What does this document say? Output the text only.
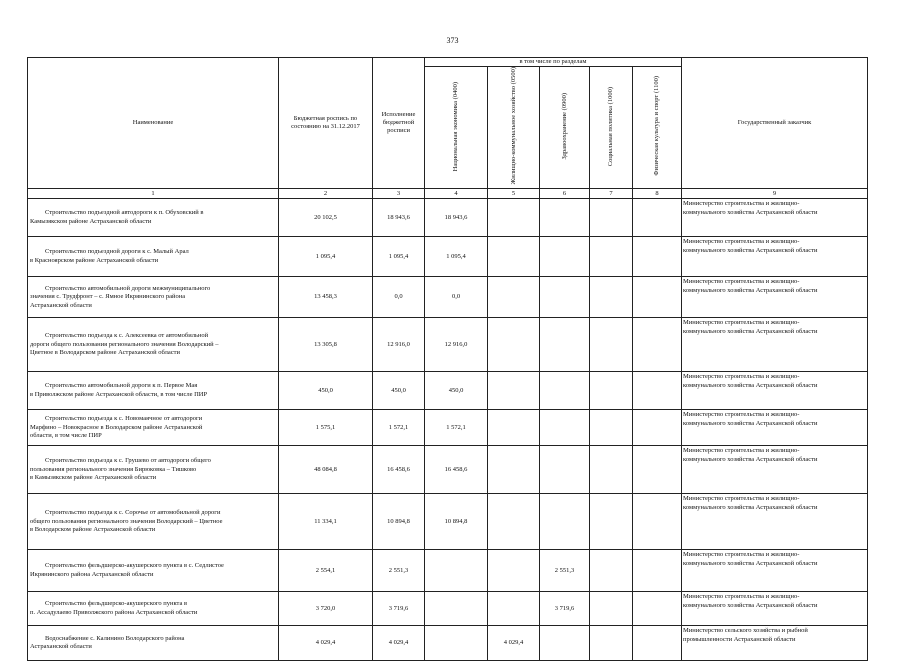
373
Наименование	Бюджетная роспись по состоянию на 31.12.2017	Исполнение бюджетной росписи	в том числе по разделам					Государственный заказчик
			Национальная экономика (0400)	Жилищно-коммунальное хозяйство (0500)	Здравоохранение (0900)	Социальная политика (1000)	Физическая культура и спорт (1100)	
1	2	3	4	5	6	7	8	9

Строительство подъездной автодороги к п. Обуховский в
Камызякском районе Астраханской области	20 102,5	18 943,6	18 943,6					Министерство строительства и жилищно-
коммунального хозяйства Астраханской области

Строительство подъездной дороги к с. Малый Арал
в Красноярском районе Астраханской области	1 095,4	1 095,4	1 095,4					Министерство строительства и жилищно-
коммунального хозяйства Астраханской области

Строительство автомобильной дороги межмуниципального
значения с. Трудфронт – с. Ямное Икрянинского района
Астраханской области	13 458,3	0,0	0,0					Министерство строительства и жилищно-
коммунального хозяйства Астраханской области

Строительство подъезда к с. Алексеевка от автомобильной
дороги общего пользования регионального значения Володарский –
Цветное в Володарском районе Астраханской области	13 305,8	12 916,0	12 916,0					Министерство строительства и жилищно-
коммунального хозяйства Астраханской области

Строительство автомобильной дороги к п. Первое Мая
в Приволжском районе Астраханской области, в том числе ПИР	450,0	450,0	450,0					Министерство строительства и жилищно-
коммунального хозяйства Астраханской области

Строительство подъезда к с. Новомаячное от автодороги
Марфино – Новокрасное в Володарском районе Астраханской
области, в том числе ПИР	1 575,1	1 572,1	1 572,1					Министерство строительства и жилищно-
коммунального хозяйства Астраханской области

Строительство подъезда к с. Грушево от автодороги общего
пользования регионального значения Бирюковка – Тишково
в Камызякском районе Астраханской области	48 084,8	16 458,6	16 458,6					Министерство строительства и жилищно-
коммунального хозяйства Астраханской области

Строительство подъезда к с. Сорочье от автомобильной дороги
общего пользования регионального значения Володарский – Цветное
в Володарском районе Астраханской области	11 334,1	10 894,8	10 894,8					Министерство строительства и жилищно-
коммунального хозяйства Астраханской области

Строительство фельдшерско-акушерского пункта в с. Седлистое
Икрянинского района Астраханской области	2 554,1	2 551,3			2 551,3			Министерство строительства и жилищно-
коммунального хозяйства Астраханской области

Строительство фельдшерско-акушерского пункта в
п. Ассадулаево Приволжского района Астраханской области	3 720,0	3 719,6			3 719,6			Министерство строительства и жилищно-
коммунального хозяйства Астраханской области

Водоснабжение с. Калинино Володарского района
Астраханской области	4 029,4	4 029,4		4 029,4				Министерство сельского хозяйства и рыбной
промышленности Астраханской области
